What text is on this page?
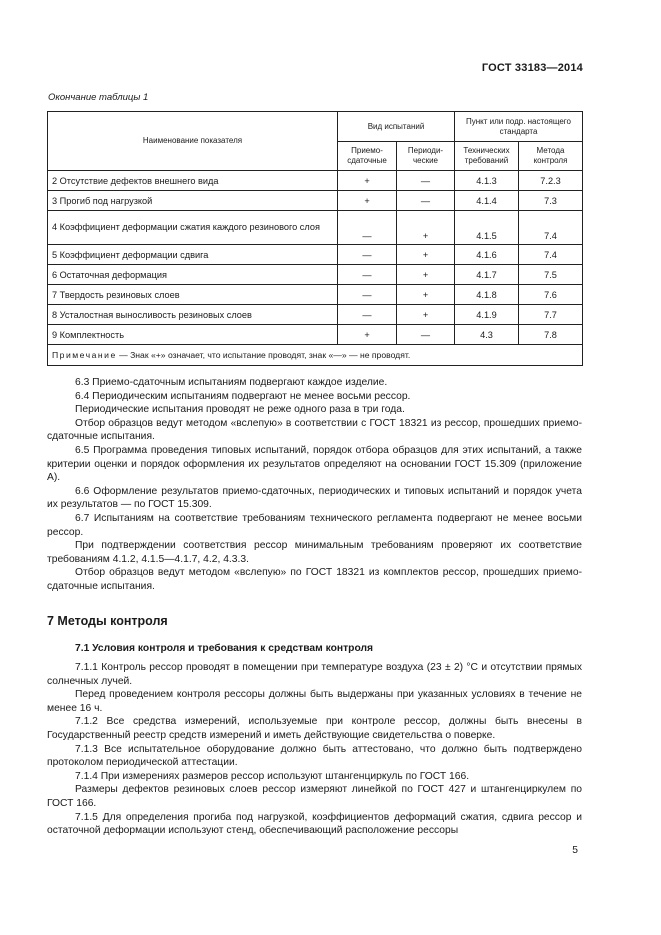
ГОСТ 33183—2014
Окончание таблицы 1
Наименование показателя	Вид испытаний		Пункт или подр. настоящего стандарта	
	Приемо-сдаточные	Периоди-ческие	Технических требований	Метода контроля
2 Отсутствие дефектов внешнего вида	+	—	4.1.3	7.2.3
3 Прогиб под нагрузкой	+	—	4.1.4	7.3
4 Коэффициент деформации сжатия каждого резинового слоя	—	+	4.1.5	7.4
5 Коэффициент деформации сдвига	—	+	4.1.6	7.4
6 Остаточная деформация	—	+	4.1.7	7.5
7 Твердость резиновых слоев	—	+	4.1.8	7.6
8 Усталостная выносливость резиновых слоев	—	+	4.1.9	7.7
9 Комплектность	+	—	4.3	7.8
Примечание — Знак «+» означает, что испытание проводят, знак «—» — не проводят.				

6.3 Приемо-сдаточным испытаниям подвергают каждое изделие.

6.4 Периодическим испытаниям подвергают не менее восьми рессор.

Периодические испытания проводят не реже одного раза в три года.

Отбор образцов ведут методом «вслепую» в соответствии с ГОСТ 18321 из рессор, прошедших приемо-сдаточные испытания.

6.5 Программа проведения типовых испытаний, порядок отбора образцов для этих испытаний, а также критерии оценки и порядок оформления их результатов определяют на основании ГОСТ 15.309 (приложение А).

6.6 Оформление результатов приемо-сдаточных, периодических и типовых испытаний и порядок учета их результатов — по ГОСТ 15.309.

6.7 Испытаниям на соответствие требованиям технического регламента подвергают не менее восьми рессор.

При подтверждении соответствия рессор минимальным требованиям проверяют их соответствие требованиям 4.1.2, 4.1.5—4.1.7, 4.2, 4.3.3.

Отбор образцов ведут методом «вслепую» по ГОСТ 18321 из комплектов рессор, прошедших приемо-сдаточные испытания.

7 Методы контроля
7.1 Условия контроля и требования к средствам контроля

7.1.1 Контроль рессор проводят в помещении при температуре воздуха (23 ± 2) °С и отсутствии прямых солнечных лучей.

Перед проведением контроля рессоры должны быть выдержаны при указанных условиях в течение не менее 16 ч.

7.1.2 Все средства измерений, используемые при контроле рессор, должны быть внесены в Государственный реестр средств измерений и иметь действующие свидетельства о поверке.

7.1.3 Все испытательное оборудование должно быть аттестовано, что должно быть подтверждено протоколом периодической аттестации.

7.1.4 При измерениях размеров рессор используют штангенциркуль по ГОСТ 166.

Размеры дефектов резиновых слоев рессор измеряют линейкой по ГОСТ 427 и штангенциркулем по ГОСТ 166.

7.1.5 Для определения прогиба под нагрузкой, коэффициентов деформаций сжатия, сдвига рессор и остаточной деформации используют стенд, обеспечивающий расположение рессоры

5
